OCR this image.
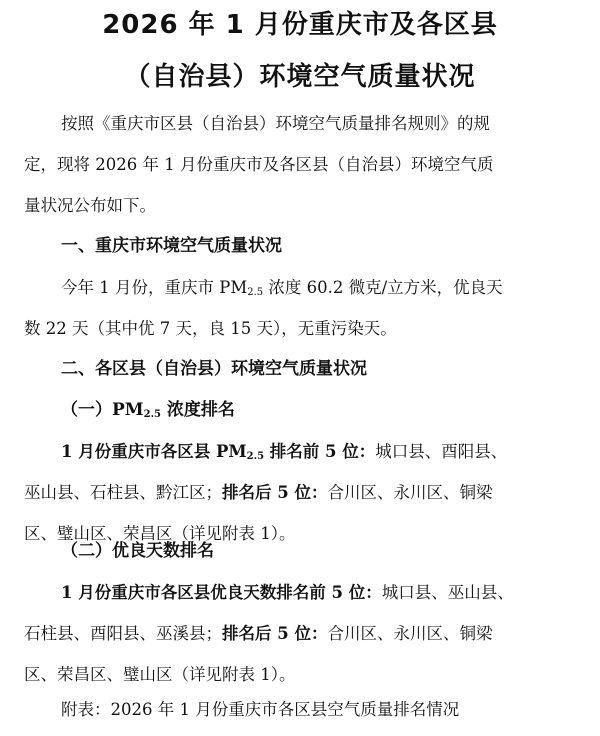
2026 年 1 月份重庆市及各区县
（自治县）环境空气质量状况
按照《重庆市区县（自治县）环境空气质量排名规则》的规
定，现将 2026 年 1 月份重庆市及各区县（自治县）环境空气质
量状况公布如下。
一、重庆市环境空气质量状况
今年 1 月份，重庆市 $PM_{2.5}$ 浓度 60.2 微克/立方米，优良天
数 22 天（其中优 7 天，良 15 天），无重污染天。
二、各区县（自治县）环境空气质量状况
（一）$PM_{2.5}$ 浓度排名
1 月份重庆市各区县 $PM_{2.5}$ 排名前 5 位：城口县、酉阳县、
巫山县、石柱县、黔江区；排名后 5 位：合川区、永川区、铜梁
区、璧山区、荣昌区（详见附表 1）。
（二）优良天数排名
1 月份重庆市各区县优良天数排名前 5 位：城口县、巫山县、
石柱县、酉阳县、巫溪县；排名后 5 位：合川区、永川区、铜梁
区、荣昌区、璧山区（详见附表 1）。
附表：2026 年 1 月份重庆市各区县空气质量排名情况
